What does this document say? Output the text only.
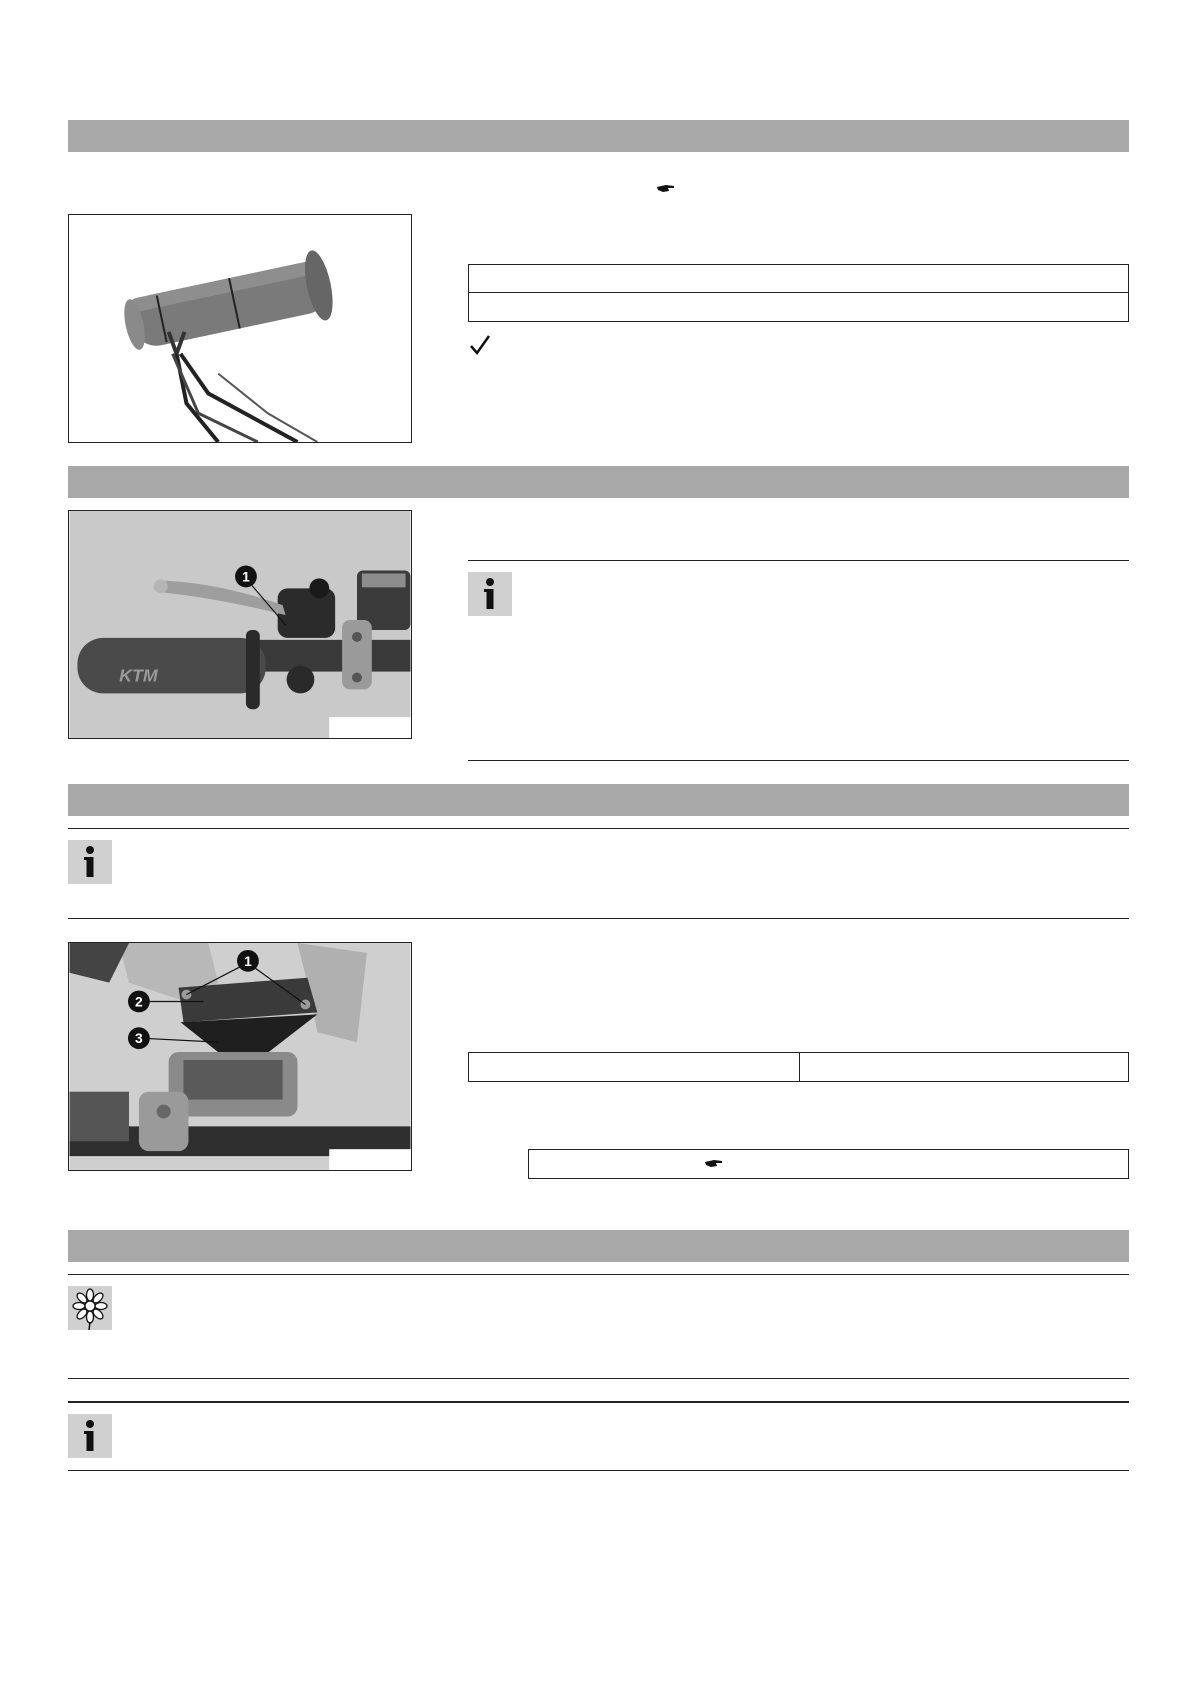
KTM
1
1
2
3
